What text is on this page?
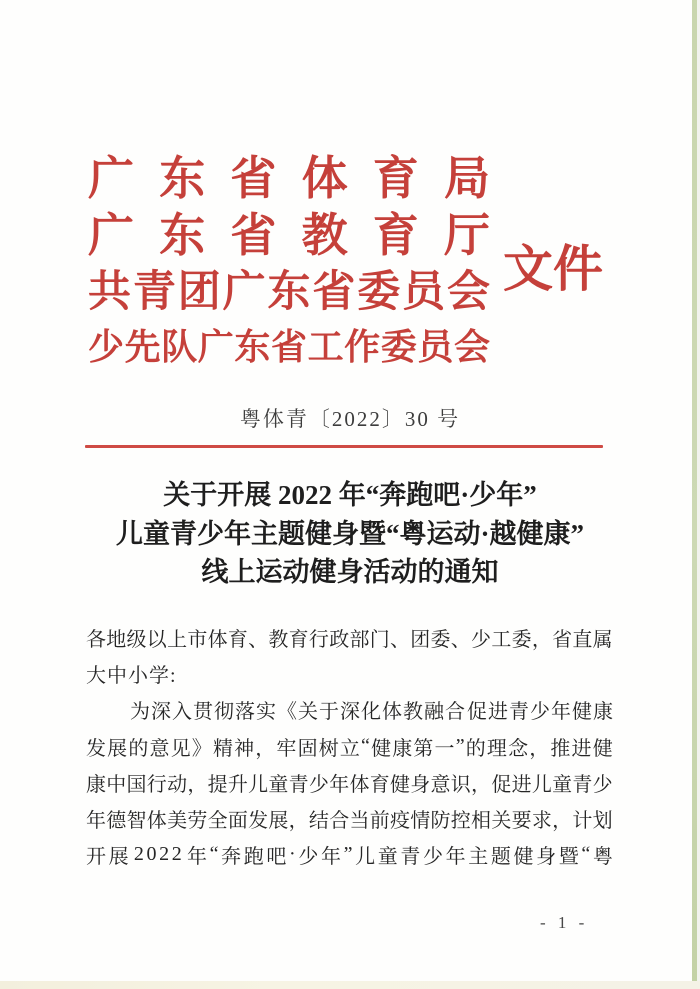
广 东 省 体 育 局
广 东 省 教 育 厅
共 青 团 广 东 省 委 员 会
少 先 队 广 东 省 工 作 委 员 会
文件
粤体青〔2022〕30 号
关于开展 2022 年“奔跑吧·少年”
儿童青少年主题健身暨“粤运动·越健康”
线上运动健身活动的通知
各 地 级 以 上 市 体 育 、 教 育 行 政 部 门 、 团 委 、 少 工 委 ， 省 直 属
大中小学:
为 深 入 贯 彻 落 实 《 关 于 深 化 体 教 融 合 促 进 青 少 年 健 康
发 展 的 意 见 》 精 神 ， 牢 固 树 立 “ 健 康 第 一 ” 的 理 念 ， 推 进 健
康 中 国 行 动 ， 提 升 儿 童 青 少 年 体 育 健 身 意 识 ， 促 进 儿 童 青 少
年 德 智 体 美 劳 全 面 发 展 ， 结 合 当 前 疫 情 防 控 相 关 要 求 ， 计 划
开 展 2 0 2 2 年 “ 奔 跑 吧 · 少 年 ” 儿 童 青 少 年 主 题 健 身 暨 “ 粤
- 1 -
